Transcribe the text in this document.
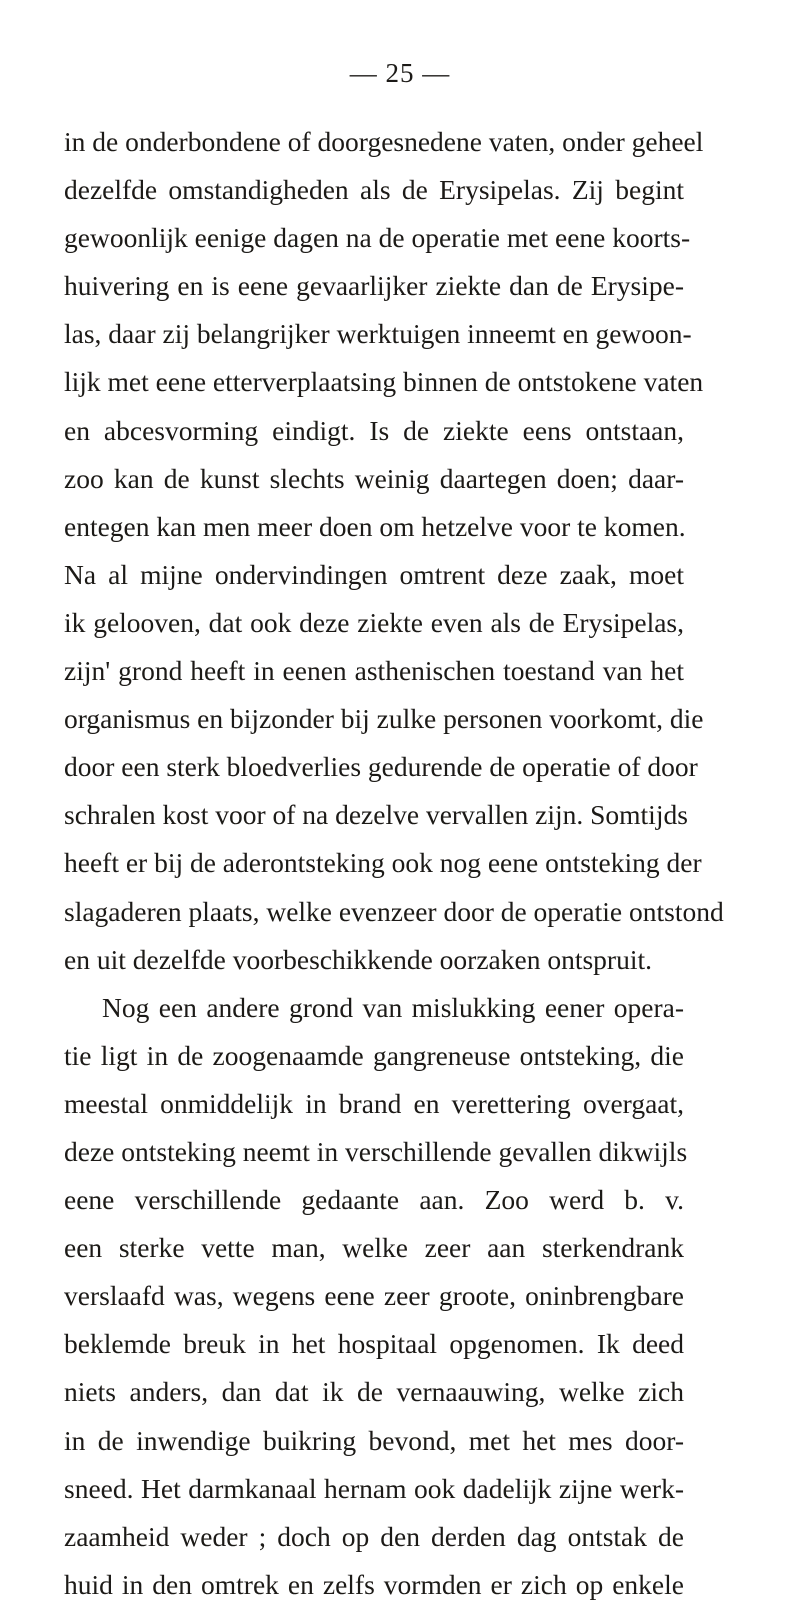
— 25 —
in de onderbondene of doorgesnedene vaten, onder geheel
dezelfde omstandigheden als de Erysipelas. Zij begint
gewoonlijk eenige dagen na de operatie met eene koorts-
huivering en is eene gevaarlijker ziekte dan de Erysipe-
las, daar zij belangrijker werktuigen inneemt en gewoon-
lijk met eene etterverplaatsing binnen de ontstokene vaten
en abcesvorming eindigt. Is de ziekte eens ontstaan,
zoo kan de kunst slechts weinig daartegen doen; daar-
entegen kan men meer doen om hetzelve voor te komen.
Na al mijne ondervindingen omtrent deze zaak, moet
ik gelooven, dat ook deze ziekte even als de Erysipelas,
zijn' grond heeft in eenen asthenischen toestand van het
organismus en bijzonder bij zulke personen voorkomt, die
door een sterk bloedverlies gedurende de operatie of door
schralen kost voor of na dezelve vervallen zijn. Somtijds
heeft er bij de aderontsteking ook nog eene ontsteking der
slagaderen plaats, welke evenzeer door de operatie ontstond
en uit dezelfde voorbeschikkende oorzaken ontspruit.
Nog een andere grond van mislukking eener opera-
tie ligt in de zoogenaamde gangreneuse ontsteking, die
meestal onmiddelijk in brand en verettering overgaat,
deze ontsteking neemt in verschillende gevallen dikwijls
eene verschillende gedaante aan. Zoo werd b. v.
een sterke vette man, welke zeer aan sterkendrank
verslaafd was, wegens eene zeer groote, oninbrengbare
beklemde breuk in het hospitaal opgenomen. Ik deed
niets anders, dan dat ik de vernaauwing, welke zich
in de inwendige buikring bevond, met het mes door-
sneed. Het darmkanaal hernam ook dadelijk zijne werk-
zaamheid weder ; doch op den derden dag ontstak de
huid in den omtrek en zelfs vormden er zich op enkele
